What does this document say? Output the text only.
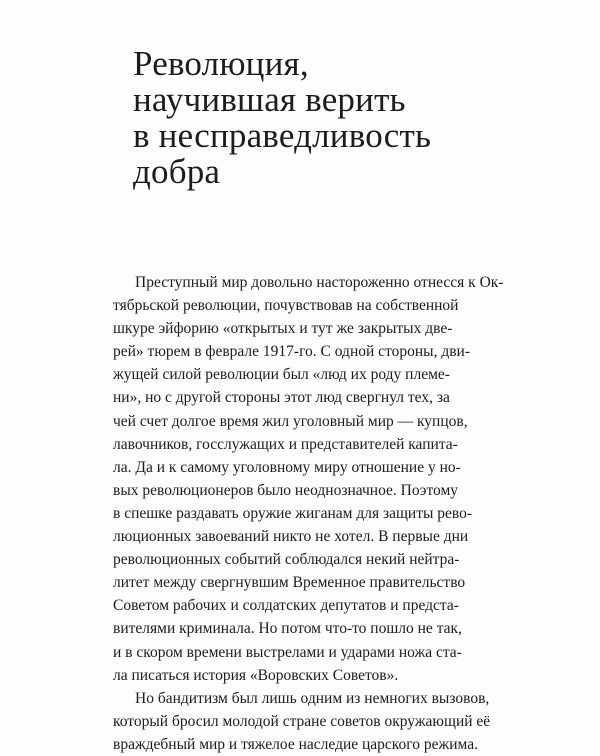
Революция,
научившая верить
в несправедливость
добра

Преступный мир довольно настороженно отнесся к Ок-
тябрьской революции, почувствовав на собственной
шкуре эйфорию «открытых и тут же закрытых две-
рей» тюрем в феврале 1917-го. С одной стороны, дви-
жущей силой революции был «люд их роду племе-
ни», но с другой стороны этот люд свергнул тех, за
чей счет долгое время жил уголовный мир — купцов,
лавочников, госслужащих и представителей капита-
ла. Да и к самому уголовному миру отношение у но-
вых революционеров было неоднозначное. Поэтому
в спешке раздавать оружие жиганам для защиты рево-
люционных завоеваний никто не хотел. В первые дни
революционных событий соблюдался некий нейтра-
литет между свергнувшим Временное правительство
Советом рабочих и солдатских депутатов и предста-
вителями криминала. Но потом что-то пошло не так,
и в скором времени выстрелами и ударами ножа ста-
ла писаться история «Воровских Советов».

Но бандитизм был лишь одним из немногих вызовов,
который бросил молодой стране советов окружающий её
враждебный мир и тяжелое наследие царского режима.
